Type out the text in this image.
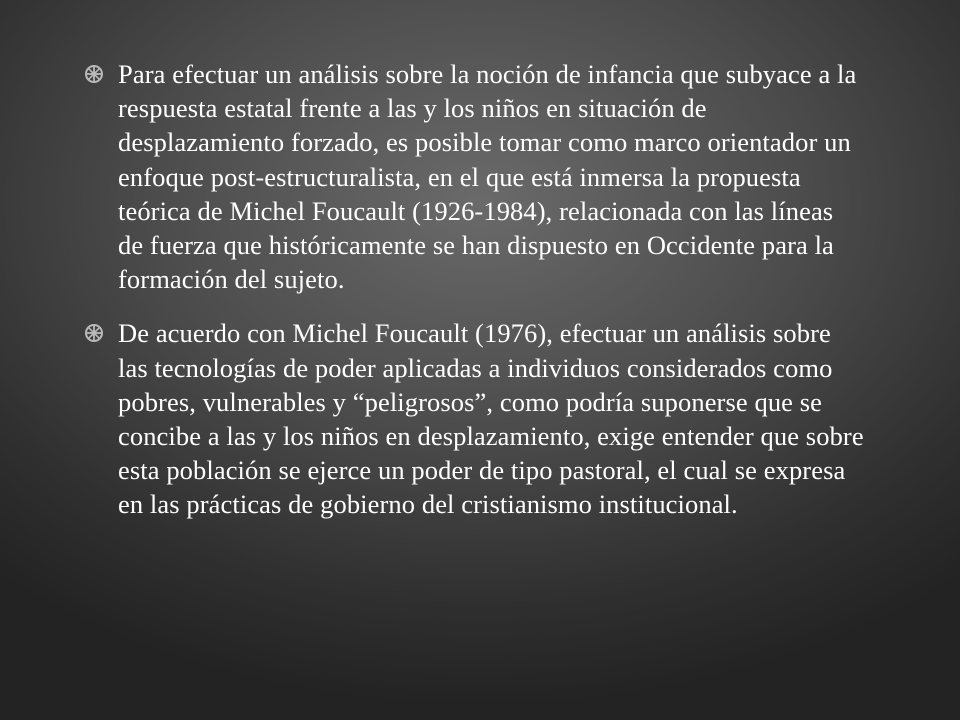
Para efectuar un análisis sobre la noción de infancia que subyace a la respuesta estatal frente a las y los niños en situación de desplazamiento forzado, es posible tomar como marco orientador un enfoque post-estructuralista, en el que está inmersa la propuesta teórica de Michel Foucault (1926-1984), relacionada con las líneas de fuerza que históricamente se han dispuesto en Occidente para la formación del sujeto.
De acuerdo con Michel Foucault (1976), efectuar un análisis sobre las tecnologías de poder aplicadas a individuos considerados como pobres, vulnerables y “peligrosos”, como podría suponerse que se concibe a las y los niños en desplazamiento, exige entender que sobre esta población se ejerce un poder de tipo pastoral, el cual se expresa en las prácticas de gobierno del cristianismo institucional.
